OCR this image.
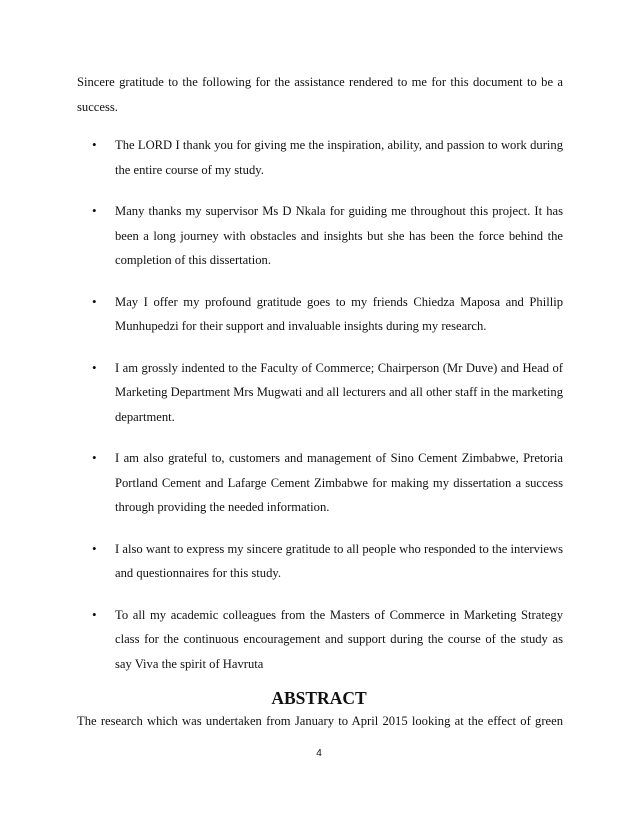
Sincere gratitude to the following for the assistance rendered to me for this document to be a success.

• The LORD I thank you for giving me the inspiration, ability, and passion to work during the entire course of my study.
• Many thanks my supervisor Ms D Nkala for guiding me throughout this project. It has been a long journey with obstacles and insights but she has been the force behind the completion of this dissertation.
• May I offer my profound gratitude goes to my friends Chiedza Maposa and Phillip Munhupedzi for their support and invaluable insights during my research.
• I am grossly indented to the Faculty of Commerce; Chairperson (Mr Duve) and Head of Marketing Department Mrs Mugwati and all lecturers and all other staff in the marketing department.
• I am also grateful to, customers and management of Sino Cement Zimbabwe, Pretoria Portland Cement and Lafarge Cement Zimbabwe for making my dissertation a success through providing the needed information.
• I also want to express my sincere gratitude to all people who responded to the interviews and questionnaires for this study.
• To all my academic colleagues from the Masters of Commerce in Marketing Strategy class for the continuous encouragement and support during the course of the study as say Viva the spirit of Havruta
ABSTRACT

The research which was undertaken from January to April 2015 looking at the effect of green

4
